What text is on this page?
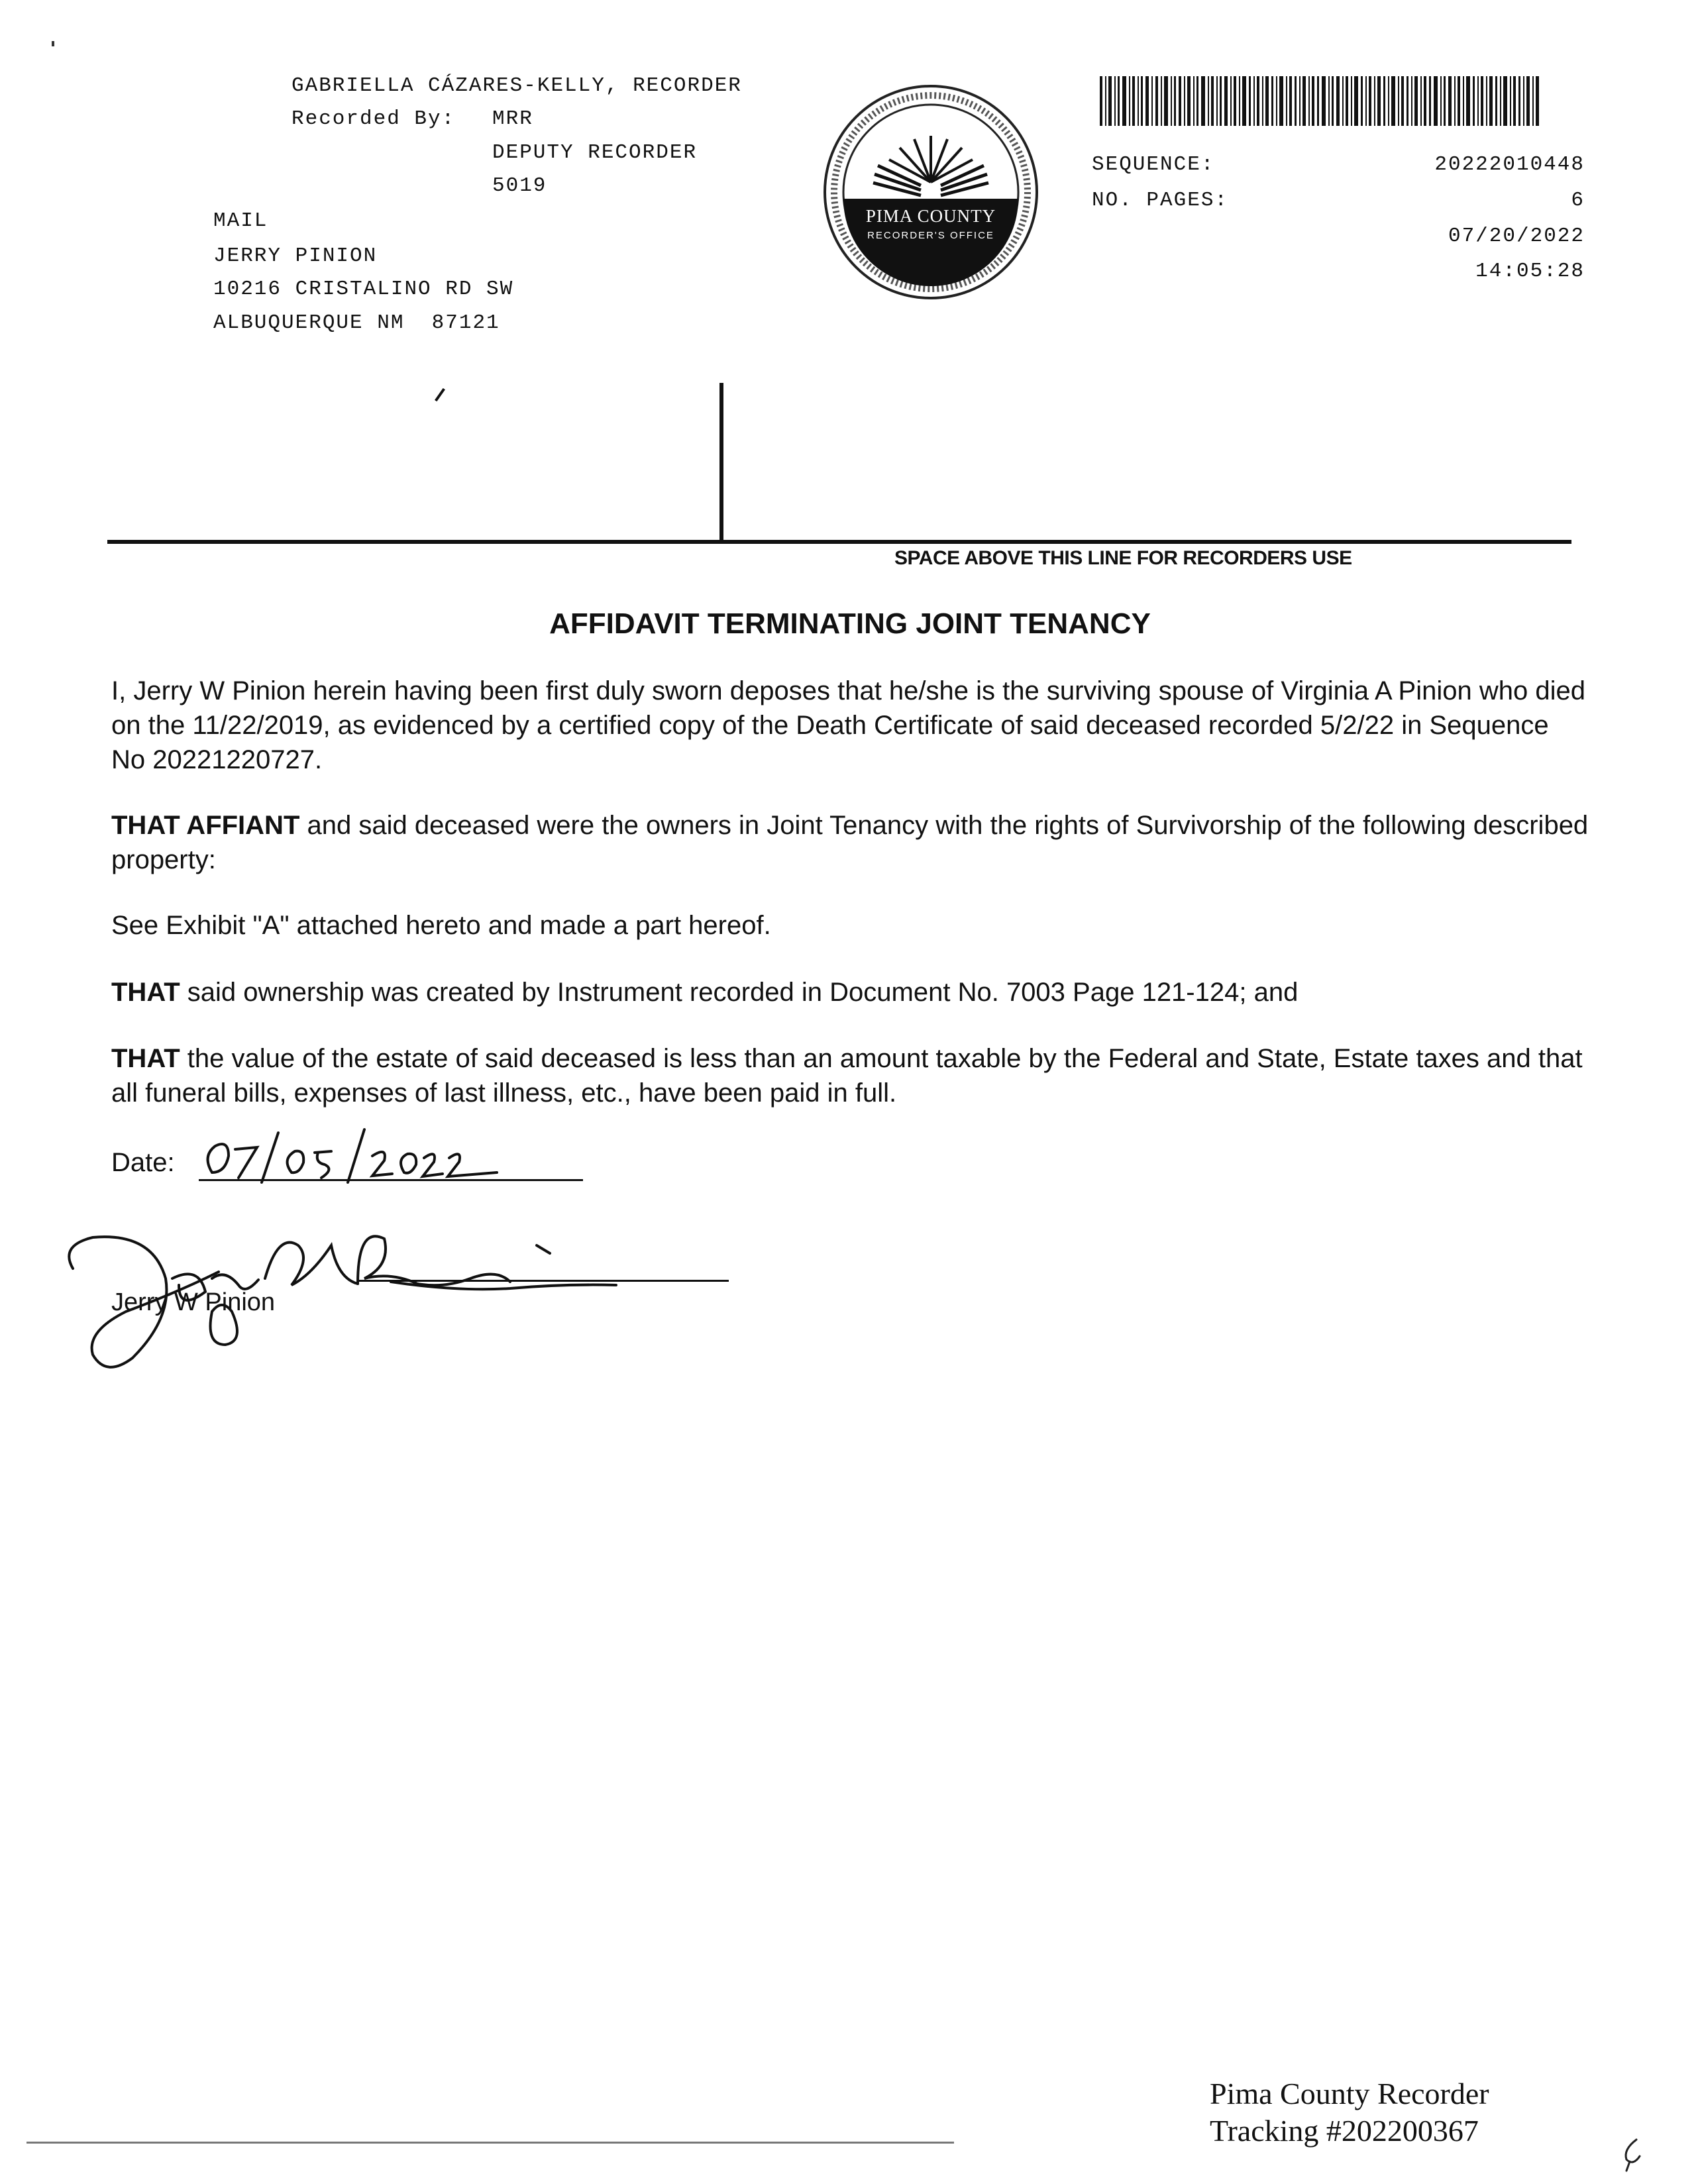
GABRIELLA CÁZARES-KELLY, RECORDER
Recorded By: MRR
DEPUTY RECORDER
5019
MAIL
JERRY PINION
10216 CRISTALINO RD SW
ALBUQUERQUE NM  87121
PIMA COUNTY
RECORDER'S OFFICE
SEQUENCE:	20222010448
NO. PAGES:	6
07/20/2022
14:05:28
SPACE ABOVE THIS LINE FOR RECORDERS USE
AFFIDAVIT TERMINATING JOINT TENANCY

I, Jerry W Pinion herein having been first duly sworn deposes that he/she is the surviving spouse of Virginia A Pinion who died on the 11/22/2019, as evidenced by a certified copy of the Death Certificate of said deceased recorded 5/2/22 in Sequence No 20221220727.

THAT AFFIANT and said deceased were the owners in Joint Tenancy with the rights of Survivorship of the following described property:

See Exhibit "A" attached hereto and made a part hereof.

THAT said ownership was created by Instrument recorded in Document No. 7003 Page 121-124; and

THAT the value of the estate of said deceased is less than an amount taxable by the Federal and State, Estate taxes and that all funeral bills, expenses of last illness, etc., have been paid in full.

Date:
Jerry W Pinion
Pima County Recorder
Tracking #202200367
